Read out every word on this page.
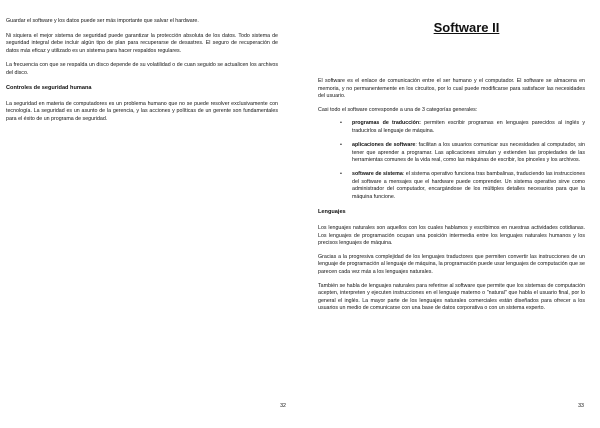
Guardar el software y los datos puede ser más importante que salvar el hardware.

Ni siquiera el mejor sistema de seguridad puede garantizar la protección absoluta de los datos. Todo sistema de seguridad integral debe incluir algún tipo de plan para recuperarse de desastres. El seguro de recuperación de datos más eficaz y utilizado es un sistema para hacer respaldos regulares.

La frecuencia con que se respalda un disco depende de su volatilidad o de cuan seguido se actualicen los archivos del disco.

Controles de seguridad humana

La seguridad en materia de computadores es un problema humano que no se puede resolver exclusivamente con tecnología. La seguridad es un asunto de la gerencia, y las acciones y políticas de un gerente son fundamentales para el éxito de un programa de seguridad.

32
Software II

El software es el enlace de comunicación entre el ser humano y el computador. El software se almacena en memoria, y no permanentemente en los circuitos, por lo cual puede modificarse para satisfacer las necesidades del usuario.

Casi todo el software corresponde a una de 3 categorías generales:

• programas de traducción: permiten escribir programas en lenguajes parecidos al inglés y traducirlos al lenguaje de máquina.
• aplicaciones de software: facilitan a los usuarios comunicar sus necesidades al computador, sin tener que aprender a programar. Las aplicaciones simulan y extienden las propiedades de las herramientas comunes de la vida real, como las máquinas de escribir, los pinceles y los archivos.
• software de sistema: el sistema operativo funciona tras bambalinas, traduciendo las instrucciones del software a mensajes que el hardware puede comprender. Un sistema operativo sirve como administrador del computador, encargándose de los múltiples detalles necesarios para que la máquina funcione.
Lenguajes

Los lenguajes naturales son aquellos con los cuales hablamos y escribimos en nuestras actividades cotidianas. Los lenguajes de programación ocupan una posición intermedia entre los lenguajes naturales humanos y los precisos lenguajes de máquina.

Gracias a la progresiva complejidad de los lenguajes traductores que permiten convertir las instrucciones de un lenguaje de programación al lenguaje de máquina, la programación puede usar lenguajes de computación que se parecen cada vez más a los lenguajes naturales.

También se habla de lenguajes naturales para referirse al software que permite que los sistemas de computación acepten, interpreten y ejecuten instrucciones en el lenguaje materno o "natural" que habla el usuario final, por lo general el inglés. La mayor parte de los lenguajes naturales comerciales están diseñados para ofrecer a los usuarios un medio de comunicarse con una base de datos corporativa o con un sistema experto.

33
